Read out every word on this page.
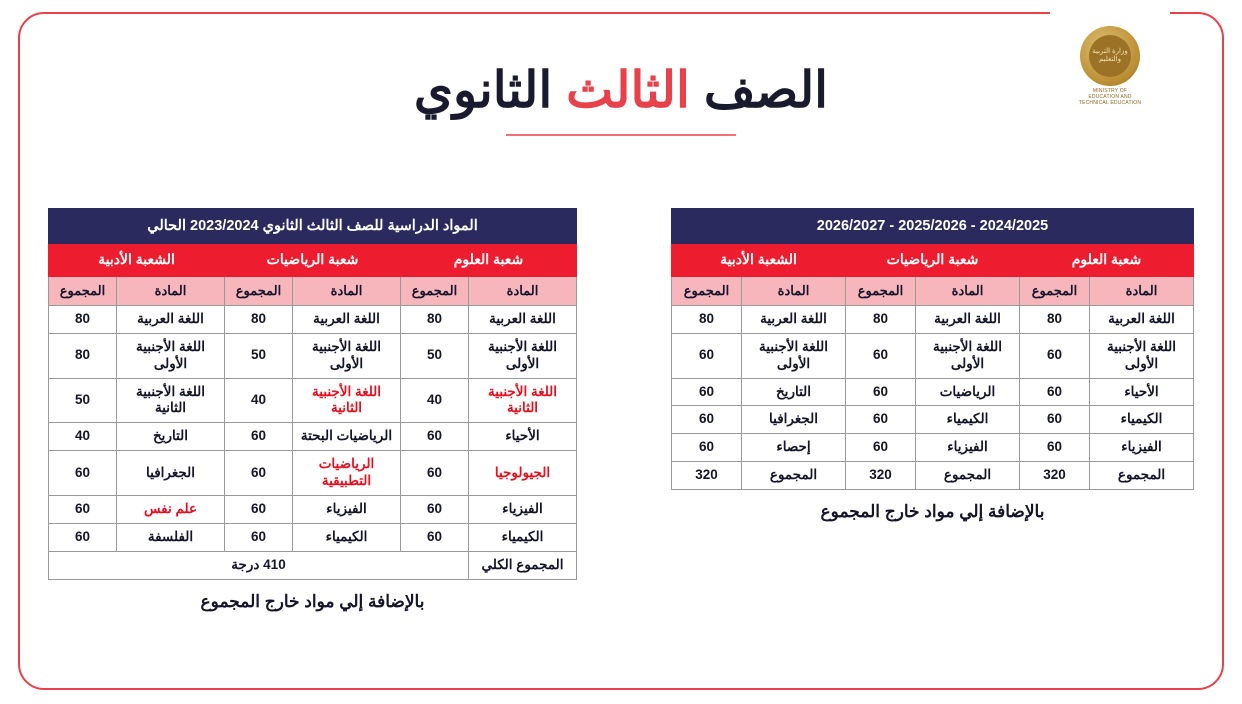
وزارة التربية والتعليم
MINISTRY OF EDUCATION AND TECHNICAL EDUCATION
الصف الثالث الثانوي
المواد الدراسية للصف الثالث الثانوي 2023/2024 الحالي					
شعبة العلوم		شعبة الرياضيات		الشعبة الأدبية	
المادة	المجموع	المادة	المجموع	المادة	المجموع
اللغة العربية	80	اللغة العربية	80	اللغة العربية	80
اللغة الأجنبية الأولى	50	اللغة الأجنبية الأولى	50	اللغة الأجنبية الأولى	80
اللغة الأجنبية الثانية	40	اللغة الأجنبية الثانية	40	اللغة الأجنبية الثانية	50
الأحياء	60	الرياضيات البحتة	60	التاريخ	40
الجيولوجيا	60	الرياضيات التطبيقية	60	الجغرافيا	60
الفيزياء	60	الفيزياء	60	علم نفس	60
الكيمياء	60	الكيمياء	60	الفلسفة	60
المجموع الكلي	410 درجة				
بالإضافة إلي مواد خارج المجموع
2024/2025 - 2025/2026 - 2026/2027					
شعبة العلوم		شعبة الرياضيات		الشعبة الأدبية	
المادة	المجموع	المادة	المجموع	المادة	المجموع
اللغة العربية	80	اللغة العربية	80	اللغة العربية	80
اللغة الأجنبية الأولى	60	اللغة الأجنبية الأولى	60	اللغة الأجنبية الأولى	60
الأحياء	60	الرياضيات	60	التاريخ	60
الكيمياء	60	الكيمياء	60	الجغرافيا	60
الفيزياء	60	الفيزياء	60	إحصاء	60
المجموع	320	المجموع	320	المجموع	320
بالإضافة إلي مواد خارج المجموع
